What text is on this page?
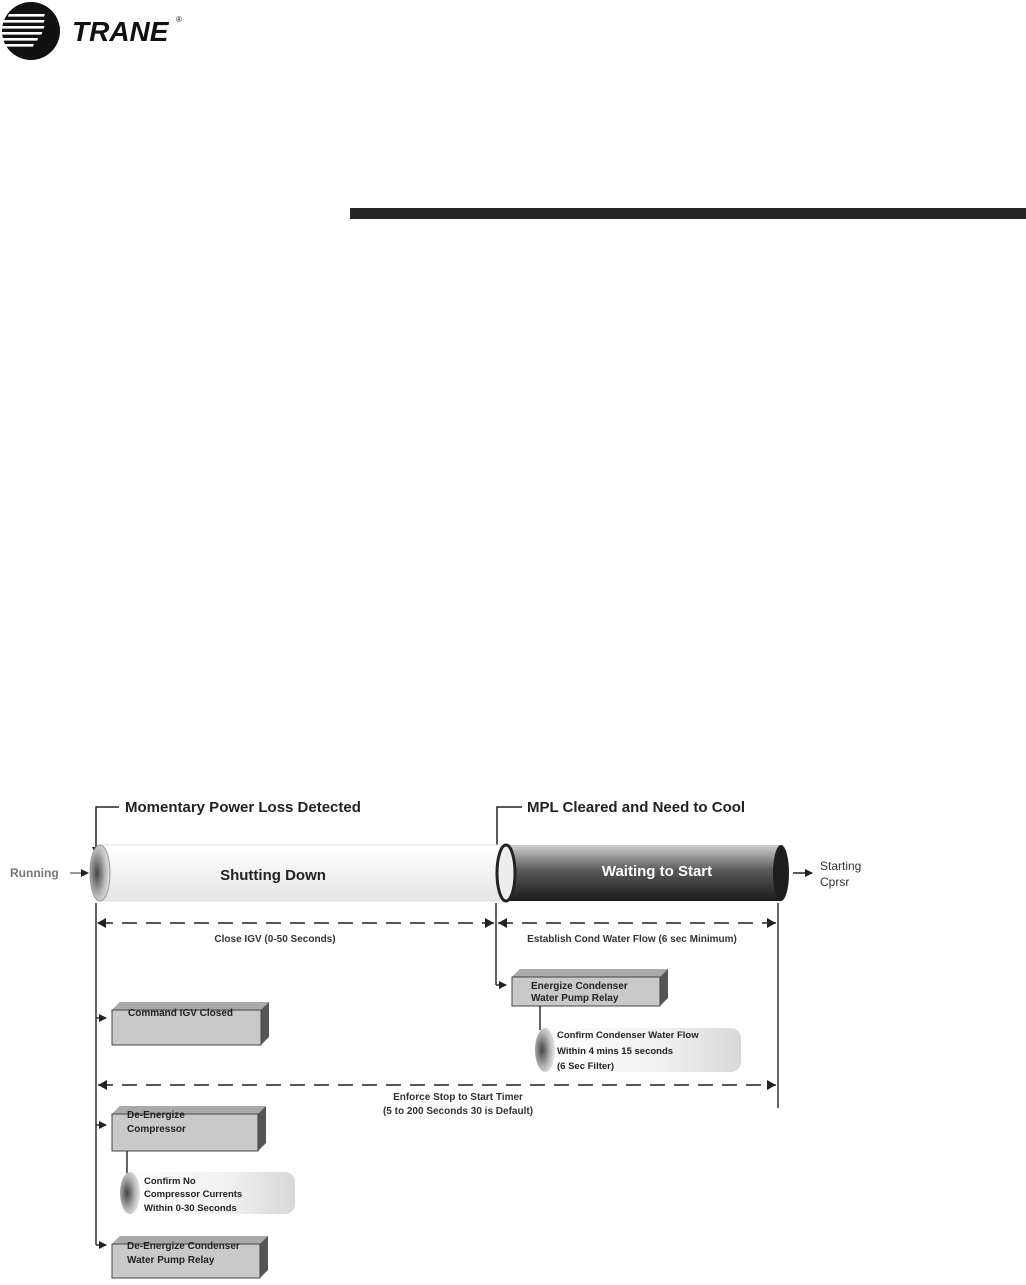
TRANE ®
Momentary Power Loss Detected	MPL Cleared and Need to Cool
Running	Shutting Down	Waiting to Start	Starting
Cprsr
Close IGV (0-50 Seconds)	Establish Cond Water Flow (6 sec Minimum)
Energize Condenser
Water Pump Relay
Confirm Condenser Water Flow
Within 4 mins 15 seconds
(6 Sec Filter)
Command IGV Closed
Enforce Stop to Start Timer
(5 to 200 Seconds 30 is Default)
De-Energize
Compressor
Confirm No
Compressor Currents
Within 0-30 Seconds
De-Energize Condenser
Water Pump Relay
